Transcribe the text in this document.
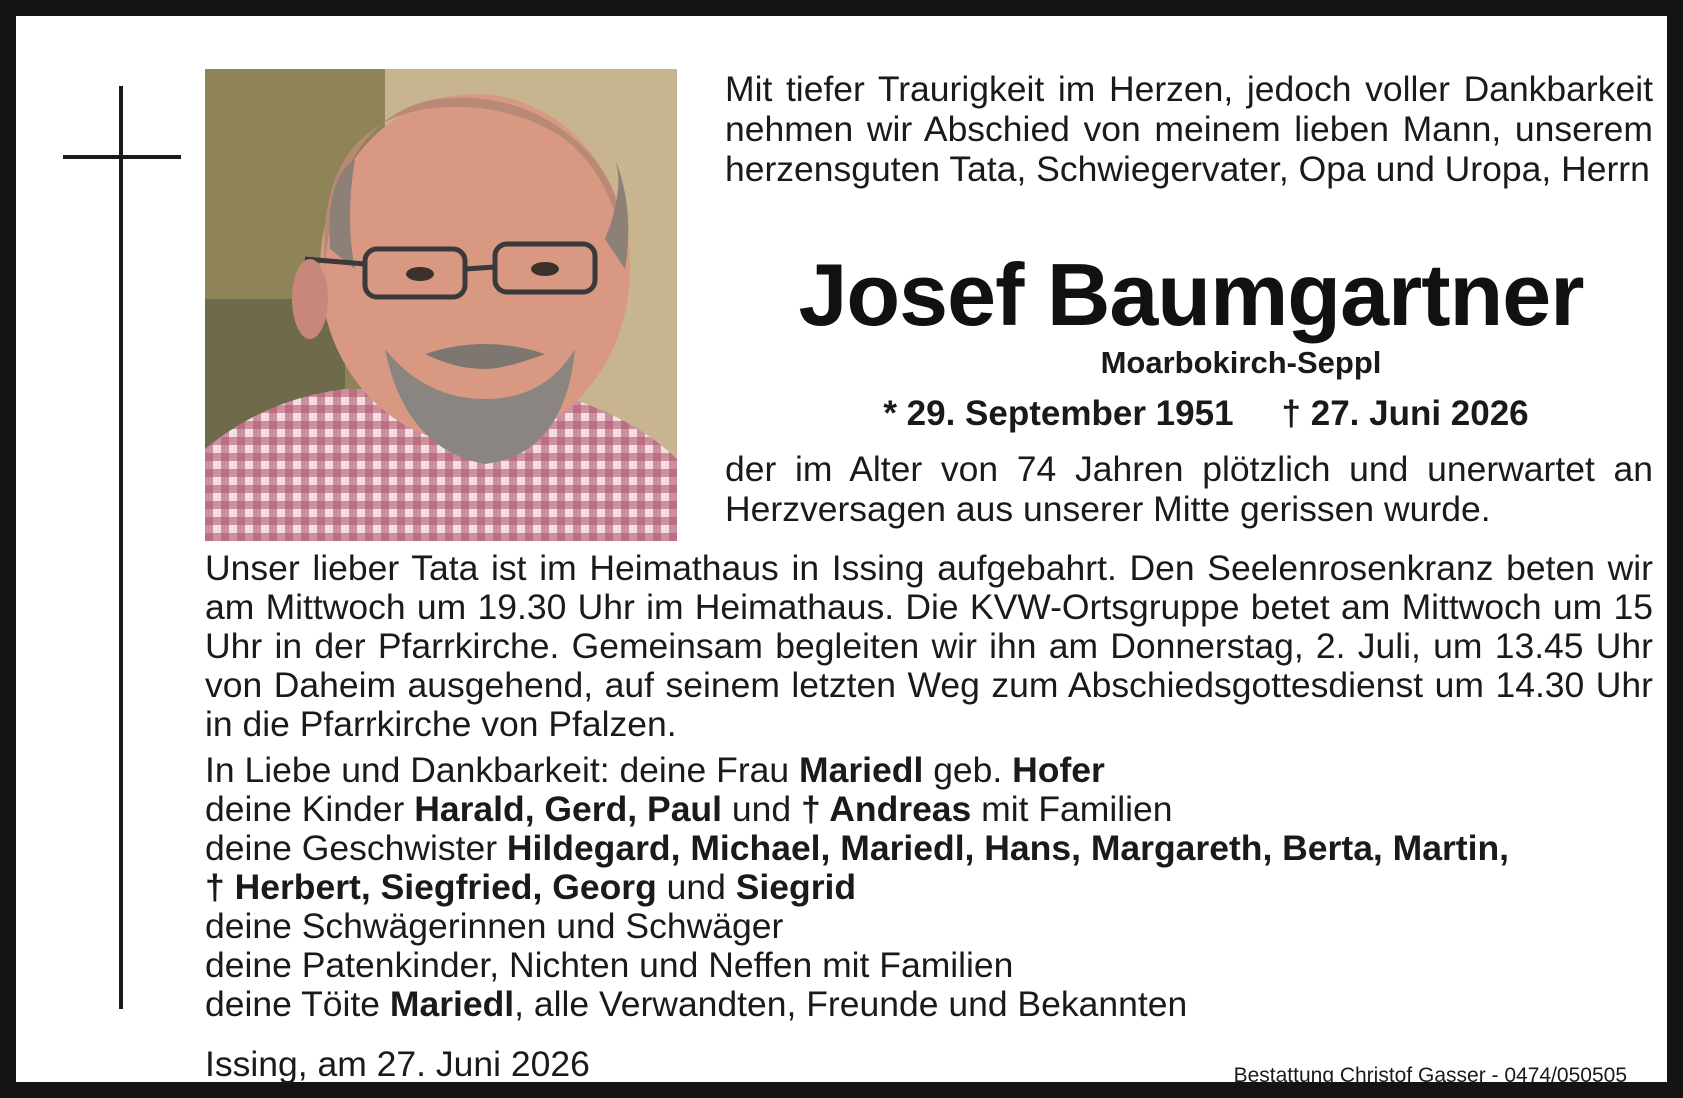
Mit tiefer Traurigkeit im Herzen, jedoch voller Dankbarkeit nehmen wir Abschied von meinem lieben Mann, unserem herzensguten Tata, Schwiegervater, Opa und Uropa, Herrn

Josef Baumgartner

Moarbokirch-Seppl

* 29. September 1951 † 27. Juni 2026

der im Alter von 74 Jahren plötzlich und unerwartet an Herzversagen aus unserer Mitte gerissen wurde.

Unser lieber Tata ist im Heimathaus in Issing aufgebahrt. Den Seelenrosenkranz beten wir am Mittwoch um 19.30 Uhr im Heimathaus. Die KVW-Ortsgruppe betet am Mittwoch um 15 Uhr in der Pfarrkirche. Gemeinsam begleiten wir ihn am Donnerstag, 2. Juli, um 13.45 Uhr von Daheim ausgehend, auf seinem letzten Weg zum Abschiedsgottesdienst um 14.30 Uhr in die Pfarrkirche von Pfalzen.

In Liebe und Dankbarkeit: deine Frau Mariedl geb. Hofer
deine Kinder Harald, Gerd, Paul und † Andreas mit Familien
deine Geschwister Hildegard, Michael, Mariedl, Hans, Margareth, Berta, Martin,
† Herbert, Siegfried, Georg und Siegrid
deine Schwägerinnen und Schwäger
deine Patenkinder, Nichten und Neffen mit Familien
deine Töite Mariedl, alle Verwandten, Freunde und Bekannten

Issing, am 27. Juni 2026	Bestattung Christof Gasser - 0474/050505
